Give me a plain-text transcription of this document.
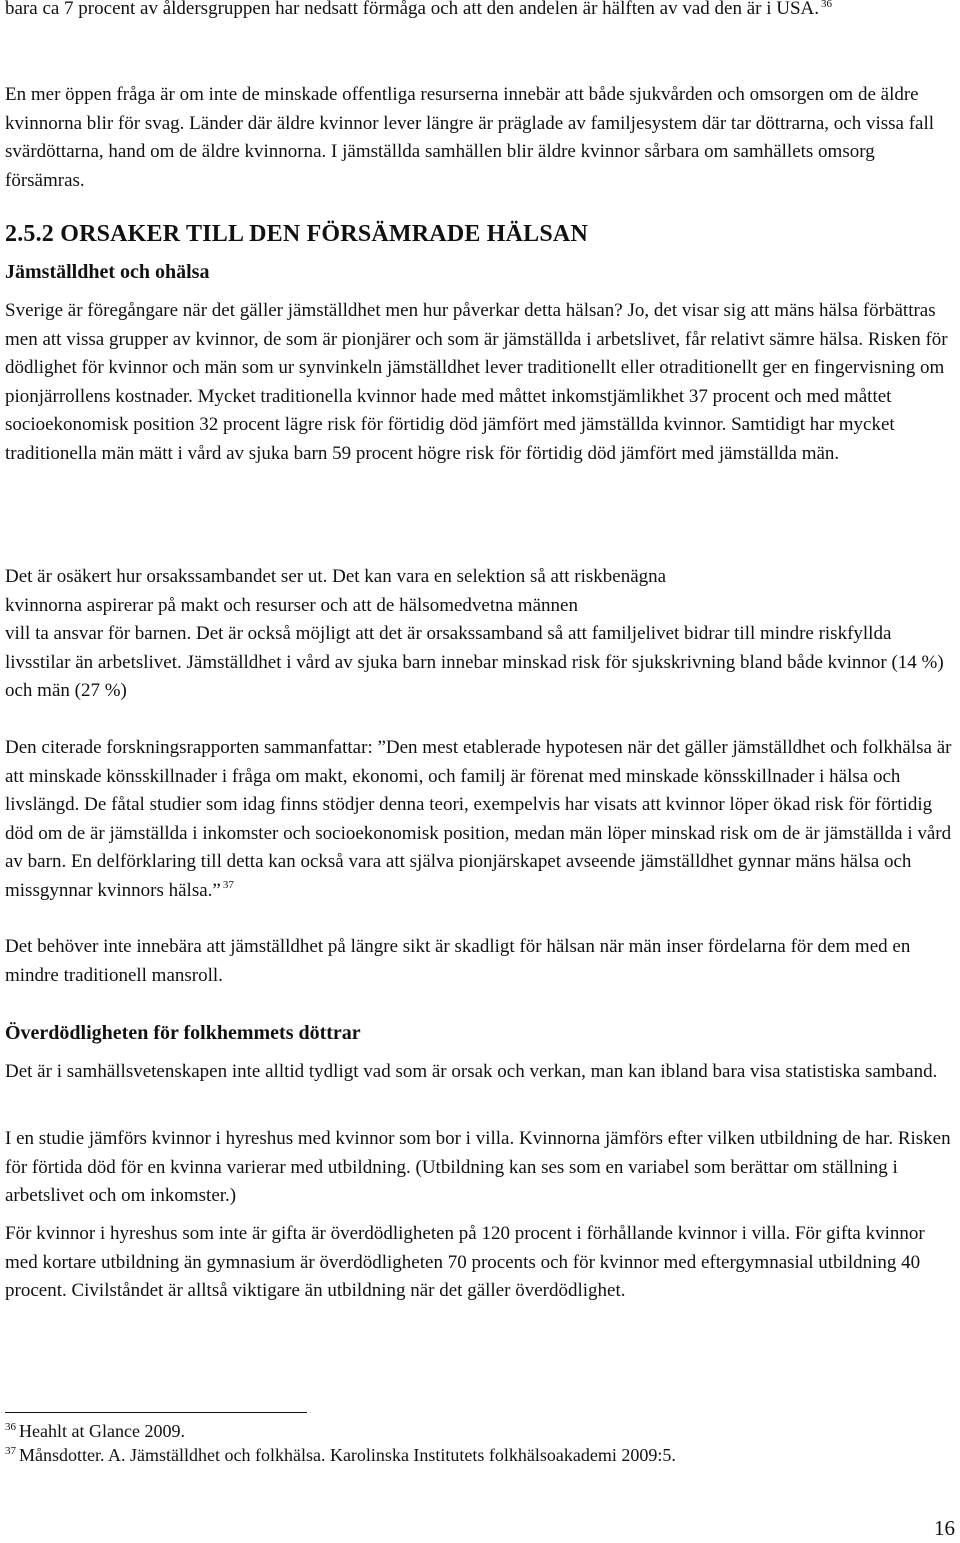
bara ca 7 procent av åldersgruppen har nedsatt förmåga och att den andelen är hälften av vad den är i USA. $^{36}$

En mer öppen fråga är om inte de minskade offentliga resurserna innebär att både sjukvården och omsorgen om de äldre kvinnorna blir för svag. Länder där äldre kvinnor lever längre är präglade av familjesystem där tar döttrarna, och vissa fall svärdöttarna, hand om de äldre kvinnorna. I jämställda samhällen blir äldre kvinnor sårbara om samhällets omsorg försämras.

2.5.2 ORSAKER TILL DEN FÖRSÄMRADE HÄLSAN
Jämställdhet och ohälsa

Sverige är föregångare när det gäller jämställdhet men hur påverkar detta hälsan? Jo, det visar sig att mäns hälsa förbättras men att vissa grupper av kvinnor, de som är pionjärer och som är jämställda i arbetslivet, får relativt sämre hälsa. Risken för dödlighet för kvinnor och män som ur synvinkeln jämställdhet lever traditionellt eller otraditionellt ger en fingervisning om pionjärrollens kostnader. Mycket traditionella kvinnor hade med måttet inkomstjämlikhet 37 procent och med måttet socioekonomisk position 32 procent lägre risk för förtidig död jämfört med jämställda kvinnor. Samtidigt har mycket traditionella män mätt i vård av sjuka barn 59 procent högre risk för förtidig död jämfört med jämställda män.

Det är osäkert hur orsakssambandet ser ut. Det kan vara en selektion så att riskbenägna

kvinnorna aspirerar på makt och resurser och att de hälsomedvetna männen

vill ta ansvar för barnen. Det är också möjligt att det är orsakssamband så att familjelivet bidrar till mindre riskfyllda livsstilar än arbetslivet. Jämställdhet i vård av sjuka barn innebar minskad risk för sjukskrivning bland både kvinnor (14 %) och män (27 %)

Den citerade forskningsrapporten sammanfattar: ”Den mest etablerade hypotesen när det gäller jämställdhet och folkhälsa är att minskade könsskillnader i fråga om makt, ekonomi, och familj är förenat med minskade könsskillnader i hälsa och livslängd. De fåtal studier som idag finns stödjer denna teori, exempelvis har visats att kvinnor löper ökad risk för förtidig död om de är jämställda i inkomster och socioekonomisk position, medan män löper minskad risk om de är jämställda i vård av barn. En delförklaring till detta kan också vara att själva pionjärskapet avseende jämställdhet gynnar mäns hälsa och missgynnar kvinnors hälsa.” $^{37}$

Det behöver inte innebära att jämställdhet på längre sikt är skadligt för hälsan när män inser fördelarna för dem med en mindre traditionell mansroll.

Överdödligheten för folkhemmets döttrar

Det är i samhällsvetenskapen inte alltid tydligt vad som är orsak och verkan, man kan ibland bara visa statistiska samband.

I en studie jämförs kvinnor i hyreshus med kvinnor som bor i villa. Kvinnorna jämförs efter vilken utbildning de har. Risken för förtida död för en kvinna varierar med utbildning. (Utbildning kan ses som en variabel som berättar om ställning i arbetslivet och om inkomster.)

För kvinnor i hyreshus som inte är gifta är överdödligheten på 120 procent i förhållande kvinnor i villa. För gifta kvinnor med kortare utbildning än gymnasium är överdödligheten 70 procents och för kvinnor med eftergymnasial utbildning 40 procent. Civilståndet är alltså viktigare än utbildning när det gäller överdödlighet.

$^{36}$ Heahlt at Glance 2009.

$^{37}$ Månsdotter. A. Jämställdhet och folkhälsa. Karolinska Institutets folkhälsoakademi 2009:5.

16
